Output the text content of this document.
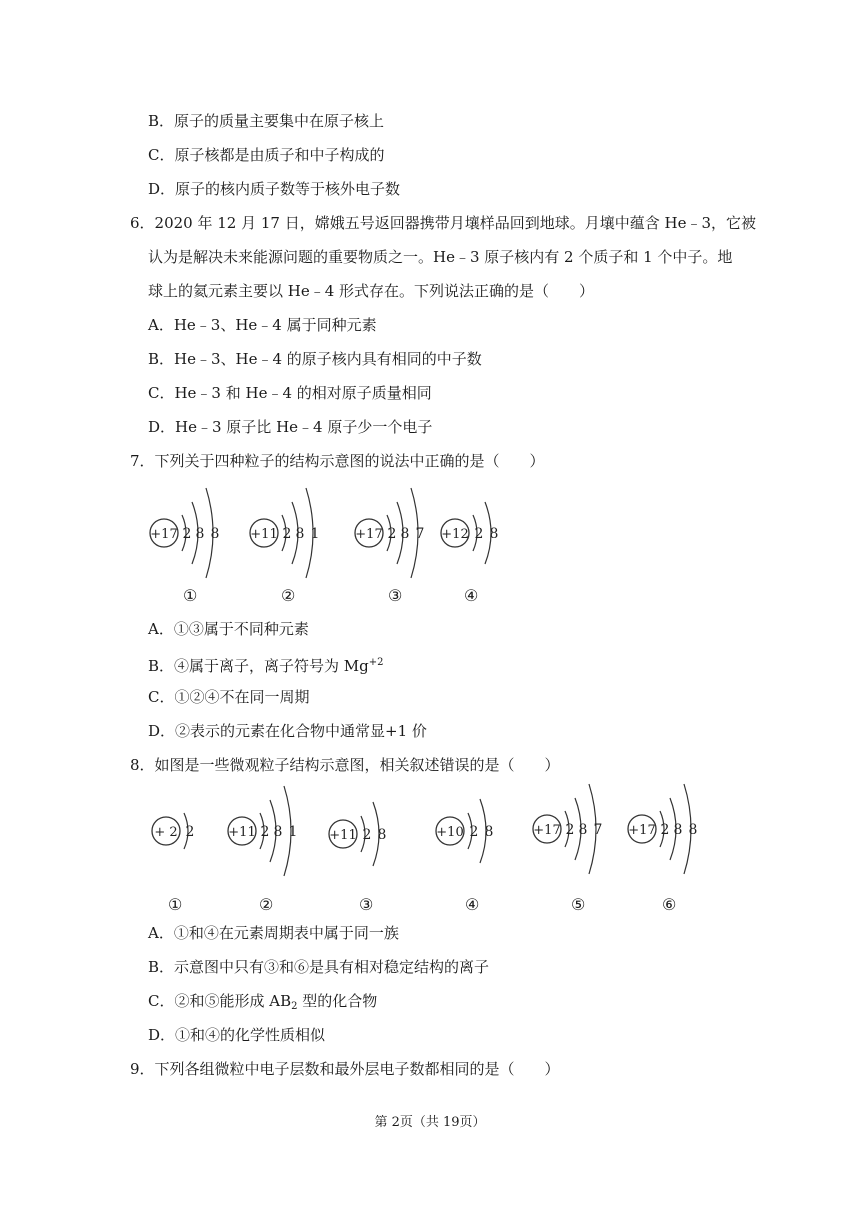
B．原子的质量主要集中在原子核上
C．原子核都是由质子和中子构成的
D．原子的核内质子数等于核外电子数
6．2020 年 12 月 17 日，嫦娥五号返回器携带月壤样品回到地球。月壤中蕴含 He﹣3，它被
认为是解决未来能源问题的重要物质之一。He﹣3 原子核内有 2 个质子和 1 个中子。地
球上的氦元素主要以 He﹣4 形式存在。下列说法正确的是（　　）
A．He﹣3、He﹣4 属于同种元素
B．He﹣3、He﹣4 的原子核内具有相同的中子数
C．He﹣3 和 He﹣4 的相对原子质量相同
D．He﹣3 原子比 He﹣4 原子少一个电子
7．下列关于四种粒子的结构示意图的说法中正确的是（　　）
+17 2 8 8 +11 2 8 1	+17 2 8 7 +12 2 8
①	②	③	④
A．①③属于不同种元素
B．④属于离子，离子符号为 $Mg^{+2}$
C．①②④不在同一周期
D．②表示的元素在化合物中通常显+1 价
8．如图是一些微观粒子结构示意图，相关叙述错误的是（　　）
+ 2 2	+11 2 8 1 +11 2 8	+10 2 8	+17 2 8 7 +17 2 8 8
①	②	③	④	⑤	⑥
A．①和④在元素周期表中属于同一族
B．示意图中只有③和⑥是具有相对稳定结构的离子
C．②和⑤能形成 $AB_2$ 型的化合物
D．①和④的化学性质相似
9．下列各组微粒中电子层数和最外层电子数都相同的是（　　）
第 2页（共 19页）
